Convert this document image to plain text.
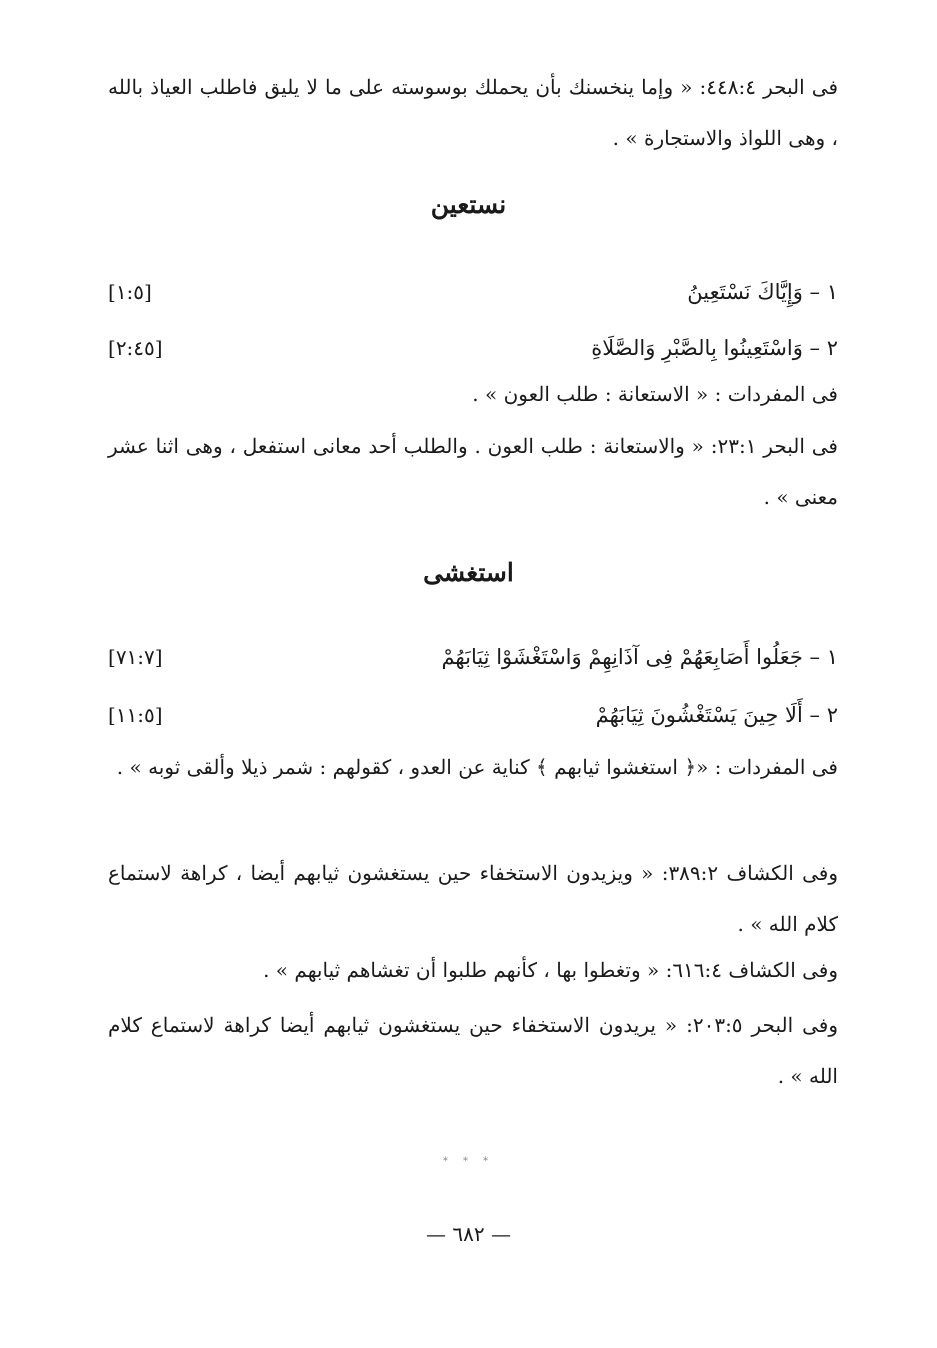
فى البحر ٤٤٨:٤: « وإما ينخسنك بأن يحملك بوسوسته على ما لا يليق فاطلب العياذ بالله ، وهى اللواذ والاستجارة » .
نستعين
١ – وَإِيَّاكَ نَسْتَعِينُ
[١:٥]
٢ – وَاسْتَعِينُوا بِالصَّبْرِ وَالصَّلَاةِ
[٢:٤٥]
فى المفردات : « الاستعانة : طلب العون » .
فى البحر ٢٣:١: « والاستعانة : طلب العون . والطلب أحد معانى استفعل ، وهى اثنا عشر معنى » .
استغشى
١ – جَعَلُوا أَصَابِعَهُمْ فِى آذَانِهِمْ وَاسْتَغْشَوْا ثِيَابَهُمْ
[٧١:٧]
٢ – أَلَا حِينَ يَسْتَغْشُونَ ثِيَابَهُمْ
[١١:٥]
فى المفردات : «﴿ استغشوا ثيابهم ﴾ كناية عن العدو ، كقولهم : شمر ذيلا وألقى ثوبه » .
وفى الكشاف ٣٨٩:٢: « ويزيدون الاستخفاء حين يستغشون ثيابهم أيضا ، كراهة لاستماع كلام الله » .
وفى الكشاف ٦١٦:٤: « وتغطوا بها ، كأنهم طلبوا أن تغشاهم ثيابهم » .
وفى البحر ٢٠٣:٥: « يريدون الاستخفاء حين يستغشون ثيابهم أيضا كراهة لاستماع كلام الله » .
* * *
— ٦٨٢ —
